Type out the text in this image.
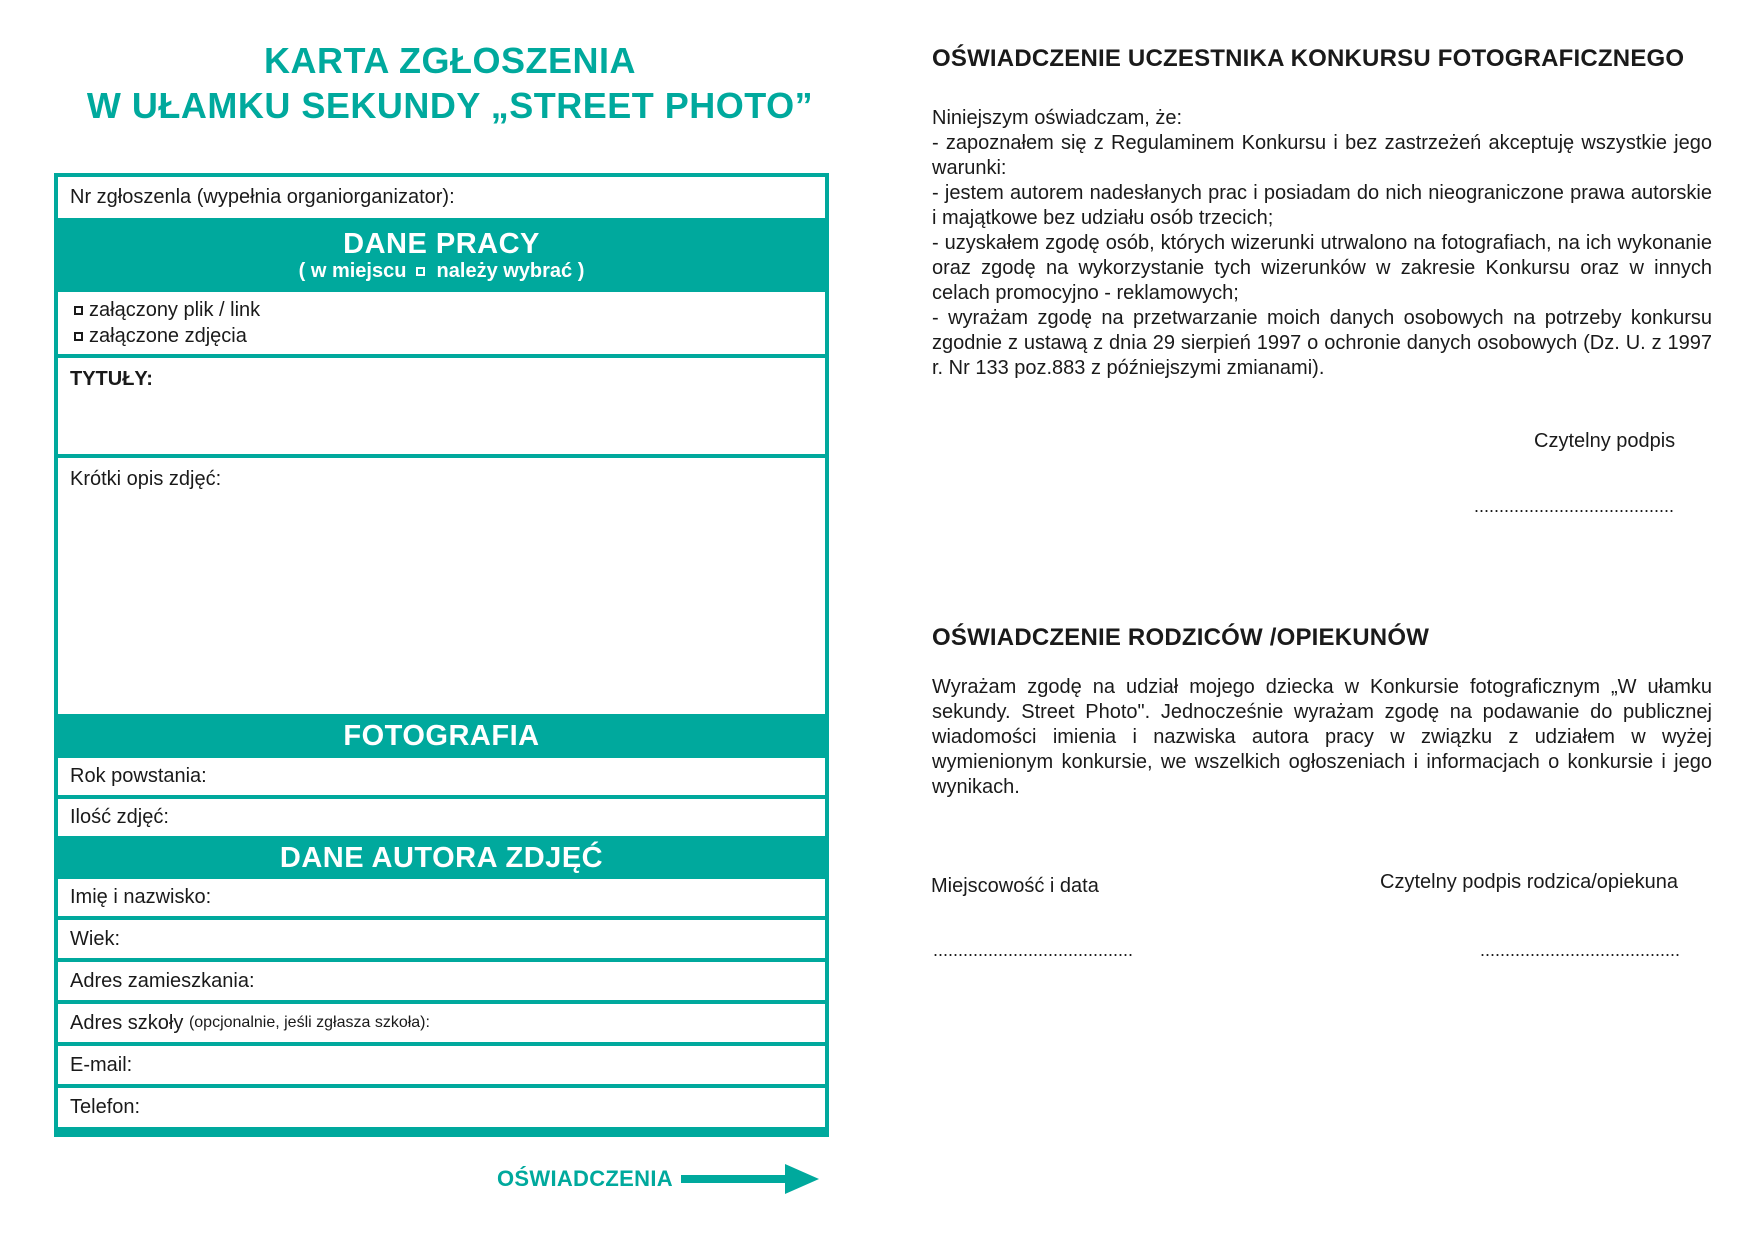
KARTA ZGŁOSZENIA
W UŁAMKU SEKUNDY „STREET PHOTO”
Nr zgłoszenla (wypełnia organiorganizator):
DANE PRACY
( w miejscu należy wybrać )
załączony plik / link
załączone zdjęcia
TYTUŁY:
Krótki opis zdjęć:
FOTOGRAFIA
Rok powstania:
Ilość zdjęć:
DANE AUTORA ZDJĘĆ
Imię i nazwisko:
Wiek:
Adres zamieszkania:
Adres szkoły
(opcjonalnie, jeśli zgłasza szkoła):
E-mail:
Telefon:
OŚWIADCZENIA
OŚWIADCZENIE UCZESTNIKA KONKURSU FOTOGRAFICZNEGO

Niniejszym oświadczam, że:

- zapoznałem się z Regulaminem Konkursu i bez zastrzeżeń akceptuję wszystkie jego warunki:

- jestem autorem nadesłanych prac i posiadam do nich nieograniczone prawa autorskie i majątkowe bez udziału osób trzecich;

- uzyskałem zgodę osób, których wizerunki utrwalono na fotografiach, na ich wykonanie oraz zgodę na wykorzystanie tych wizerunków w zakresie Konkursu oraz w innych celach promocyjno - reklamowych;

- wyrażam zgodę na przetwarzanie moich danych osobowych na potrzeby konkursu zgodnie z ustawą z dnia 29 sierpień 1997 o ochronie danych osobowych (Dz. U. z 1997 r. Nr 133 poz.883 z późniejszymi zmianami).

Czytelny podpis
........................................
OŚWIADCZENIE RODZICÓW /OPIEKUNÓW

Wyrażam zgodę na udział mojego dziecka w Konkursie fotograficznym „W ułamku sekundy. Street Photo". Jednocześnie wyrażam zgodę na podawanie do publicznej wiadomości imienia i nazwiska autora pracy w związku z udziałem w wyżej wymienionym konkursie, we wszelkich ogłoszeniach i informacjach o konkursie i jego wynikach.

Miejscowość i data
........................................
Czytelny podpis rodzica/opiekuna
........................................
